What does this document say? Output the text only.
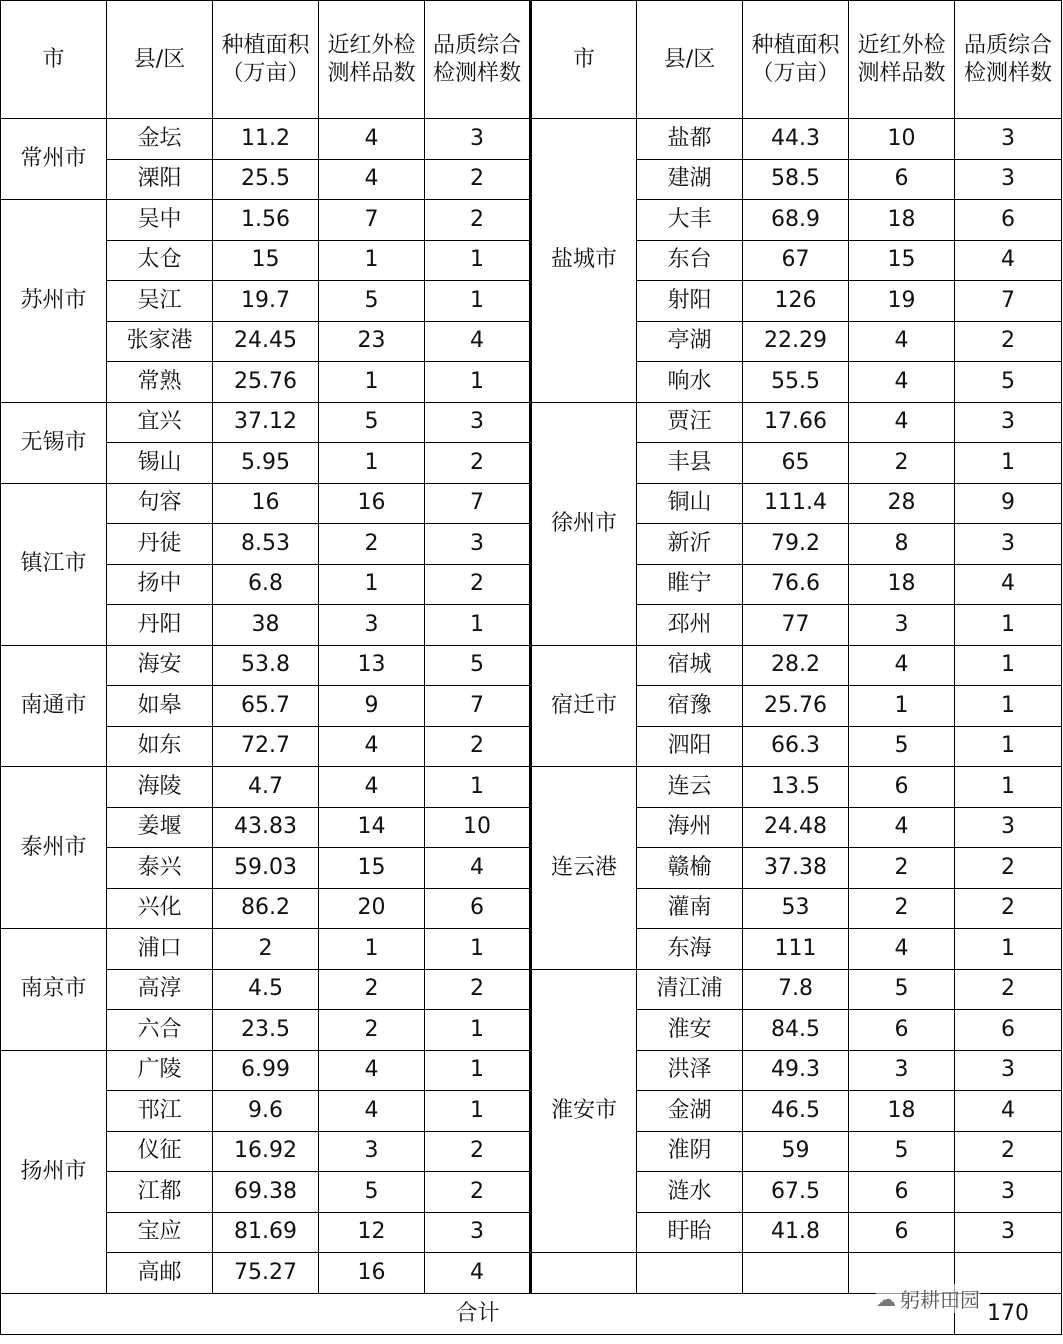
市	县/区	种植面积（万亩）	近红外检测样品数	品质综合检测样数	市	县/区	种植面积（万亩）	近红外检测样品数	品质综合检测样数
常州市	金坛	11.2	4	3	盐城市	盐都	44.3	10	3
	溧阳	25.5	4	2		建湖	58.5	6	3
苏州市	吴中	1.56	7	2		大丰	68.9	18	6
	太仓	15	1	1		东台	67	15	4
	吴江	19.7	5	1		射阳	126	19	7
	张家港	24.45	23	4		亭湖	22.29	4	2
	常熟	25.76	1	1		响水	55.5	4	5
无锡市	宜兴	37.12	5	3	徐州市	贾汪	17.66	4	3
	锡山	5.95	1	2		丰县	65	2	1
镇江市	句容	16	16	7		铜山	111.4	28	9
	丹徒	8.53	2	3		新沂	79.2	8	3
	扬中	6.8	1	2		睢宁	76.6	18	4
	丹阳	38	3	1		邳州	77	3	1
南通市	海安	53.8	13	5	宿迁市	宿城	28.2	4	1
	如皋	65.7	9	7		宿豫	25.76	1	1
	如东	72.7	4	2		泗阳	66.3	5	1
泰州市	海陵	4.7	4	1	连云港	连云	13.5	6	1
	姜堰	43.83	14	10		海州	24.48	4	3
	泰兴	59.03	15	4		赣榆	37.38	2	2
	兴化	86.2	20	6		灌南	53	2	2
南京市	浦口	2	1	1		东海	111	4	1
	高淳	4.5	2	2	淮安市	清江浦	7.8	5	2
	六合	23.5	2	1		淮安	84.5	6	6
扬州市	广陵	6.99	4	1		洪泽	49.3	3	3
	邗江	9.6	4	1		金湖	46.5	18	4
	仪征	16.92	3	2		淮阴	59	5	2
	江都	69.38	5	2		涟水	67.5	6	3
	宝应	81.69	12	3		盱眙	41.8	6	3
	高邮	75.27	16	4					
合计									170
☁ 躬耕田园
